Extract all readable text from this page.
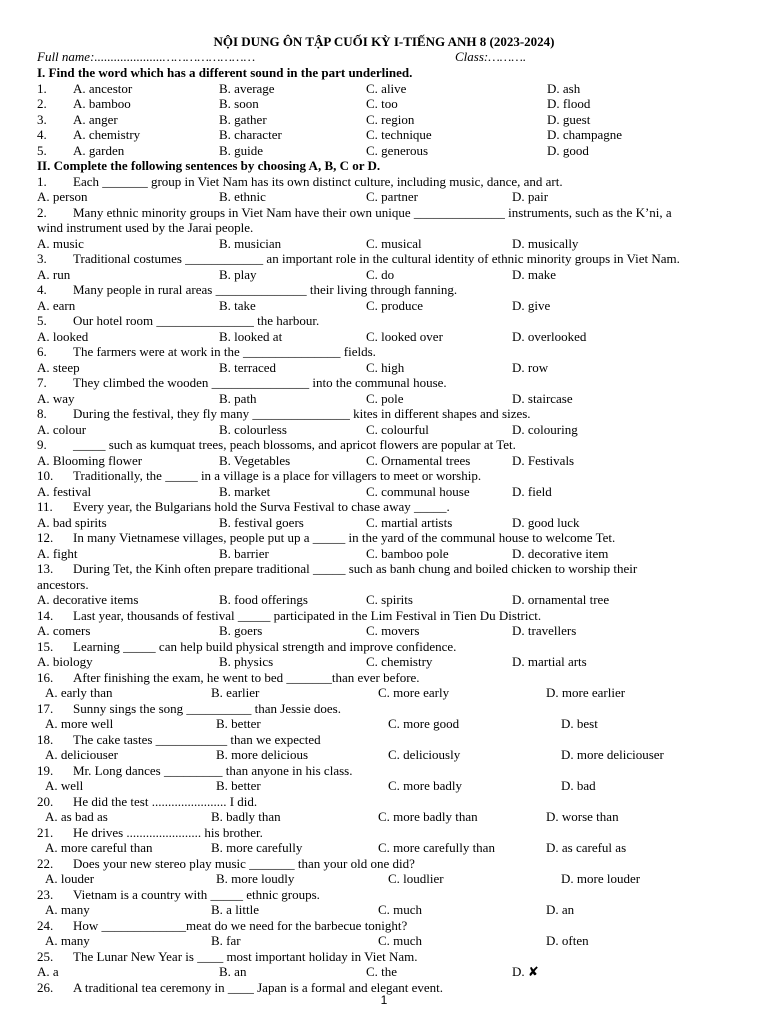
NỘI DUNG ÔN TẬP CUỐI KỲ I-TIẾNG ANH 8 (2023-2024)
Full name:.....................……………………	Class:……….
I. Find the word which has a different sound in the part underlined.
1. A. ancestor	B. average	C. alive	D. ash
2. A. bamboo	B. soon	C. too	D. flood
3. A. anger	B. gather	C. region	D. guest
4. A. chemistry	B. character	C. technique	D. champagne
5. A. garden	B. guide	C. generous	D. good
II. Complete the following sentences by choosing A, B, C or D.
1. Each _______ group in Viet Nam has its own distinct culture, including music, dance, and art.
A. person	B. ethnic	C. partner	D. pair
2. Many ethnic minority groups in Viet Nam have their own unique ______________ instruments, such as the K’ni, a
wind instrument used by the Jarai people.
A. music	B. musician	C. musical	D. musically
3. Traditional costumes ____________ an important role in the cultural identity of ethnic minority groups in Viet Nam.
A. run	B. play	C. do	D. make
4. Many people in rural areas ______________ their living through fanning.
A. earn	B. take	C. produce	D. give
5. Our hotel room _______________ the harbour.
A. looked	B. looked at	C. looked over	D. overlooked
6. The farmers were at work in the _______________ fields.
A. steep	B. terraced	C. high	D. row
7. They climbed the wooden _______________ into the communal house.
A. way	B. path	C. pole	D. staircase
8. During the festival, they fly many _______________ kites in different shapes and sizes.
A. colour	B. colourless	C. colourful	D. colouring
9. _____ such as kumquat trees, peach blossoms, and apricot flowers are popular at Tet.
A. Blooming flower	B. Vegetables	C. Ornamental trees	D. Festivals
10. Traditionally, the _____ in a village is a place for villagers to meet or worship.
A. festival	B. market	C. communal house	D. field
11. Every year, the Bulgarians hold the Surva Festival to chase away _____.
A. bad spirits	B. festival goers	C. martial artists	D. good luck
12. In many Vietnamese villages, people put up a _____ in the yard of the communal house to welcome Tet.
A. fight	B. barrier	C. bamboo pole	D. decorative item
13. During Tet, the Kinh often prepare traditional _____ such as banh chung and boiled chicken to worship their
ancestors.
A. decorative items	B. food offerings	C. spirits	D. ornamental tree
14. Last year, thousands of festival _____ participated in the Lim Festival in Tien Du District.
A. comers	B. goers	C. movers	D. travellers
15. Learning _____ can help build physical strength and improve confidence.
A. biology	B. physics	C. chemistry	D. martial arts
16. After finishing the exam, he went to bed _______than ever before.
A. early than	B. earlier	C. more early	D. more earlier
17. Sunny sings the song __________ than Jessie does.
A. more well	B. better	C. more good	D. best
18. The cake tastes ___________ than we expected
A. deliciouser	B. more delicious	C. deliciously	D. more deliciouser
19. Mr. Long dances _________ than anyone in his class.
A. well	B. better	C. more badly	D. bad
20. He did the test ....................... I did.
A. as bad as	B. badly than	C. more badly than	D. worse than
21. He drives ....................... his brother.
A. more careful than	B. more carefully	C. more carefully than	D. as careful as
22. Does your new stereo play music _______ than your old one did?
A. louder	B. more loudly	C. loudlier	D. more louder
23. Vietnam is a country with _____ ethnic groups.
A. many	B. a little	C. much	D. an
24. How _____________meat do we need for the barbecue tonight?
A. many	B. far	C. much	D. often
25. The Lunar New Year is ____ most important holiday in Viet Nam.
A. a	B. an	C. the	D. ✘
26. A traditional tea ceremony in ____ Japan is a formal and elegant event.
1
